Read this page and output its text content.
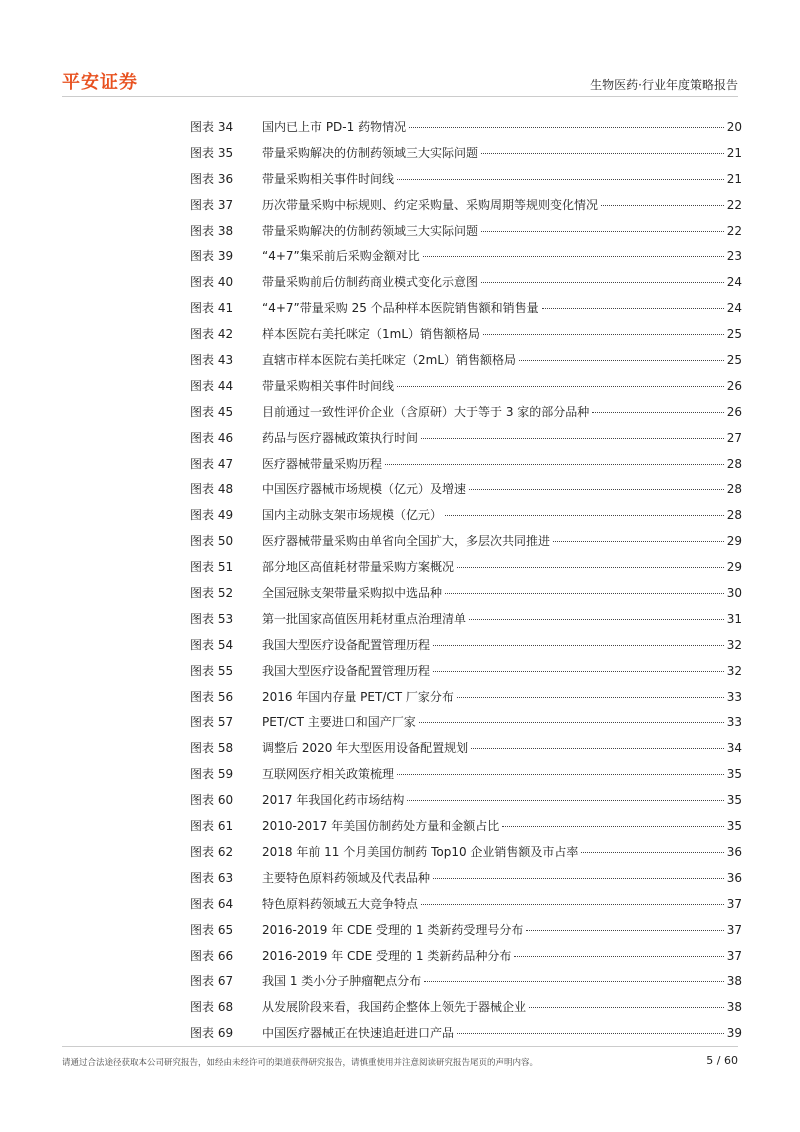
平安证券	生物医药·行业年度策略报告
图表 34	国内已上市 PD-1 药物情况	20
图表 35	带量采购解决的仿制药领域三大实际问题	21
图表 36	带量采购相关事件时间线	21
图表 37	历次带量采购中标规则、约定采购量、采购周期等规则变化情况	22
图表 38	带量采购解决的仿制药领域三大实际问题	22
图表 39	“4+7”集采前后采购金额对比	23
图表 40	带量采购前后仿制药商业模式变化示意图	24
图表 41	“4+7”带量采购 25 个品种样本医院销售额和销售量	24
图表 42	样本医院右美托咪定（1mL）销售额格局	25
图表 43	直辖市样本医院右美托咪定（2mL）销售额格局	25
图表 44	带量采购相关事件时间线	26
图表 45	目前通过一致性评价企业（含原研）大于等于 3 家的部分品种	26
图表 46	药品与医疗器械政策执行时间	27
图表 47	医疗器械带量采购历程	28
图表 48	中国医疗器械市场规模（亿元）及增速	28
图表 49	国内主动脉支架市场规模（亿元）	28
图表 50	医疗器械带量采购由单省向全国扩大，多层次共同推进	29
图表 51	部分地区高值耗材带量采购方案概况	29
图表 52	全国冠脉支架带量采购拟中选品种	30
图表 53	第一批国家高值医用耗材重点治理清单	31
图表 54	我国大型医疗设备配置管理历程	32
图表 55	我国大型医疗设备配置管理历程	32
图表 56	2016 年国内存量 PET/CT 厂家分布	33
图表 57	PET/CT 主要进口和国产厂家	33
图表 58	调整后 2020 年大型医用设备配置规划	34
图表 59	互联网医疗相关政策梳理	35
图表 60	2017 年我国化药市场结构	35
图表 61	2010-2017 年美国仿制药处方量和金额占比	35
图表 62	2018 年前 11 个月美国仿制药 Top10 企业销售额及市占率	36
图表 63	主要特色原料药领域及代表品种	36
图表 64	特色原料药领域五大竞争特点	37
图表 65	2016-2019 年 CDE 受理的 1 类新药受理号分布	37
图表 66	2016-2019 年 CDE 受理的 1 类新药品种分布	37
图表 67	我国 1 类小分子肿瘤靶点分布	38
图表 68	从发展阶段来看，我国药企整体上领先于器械企业	38
图表 69	中国医疗器械正在快速追赶进口产品	39
请通过合法途径获取本公司研究报告，如经由未经许可的渠道获得研究报告，请慎重使用并注意阅读研究报告尾页的声明内容。	5 / 60
